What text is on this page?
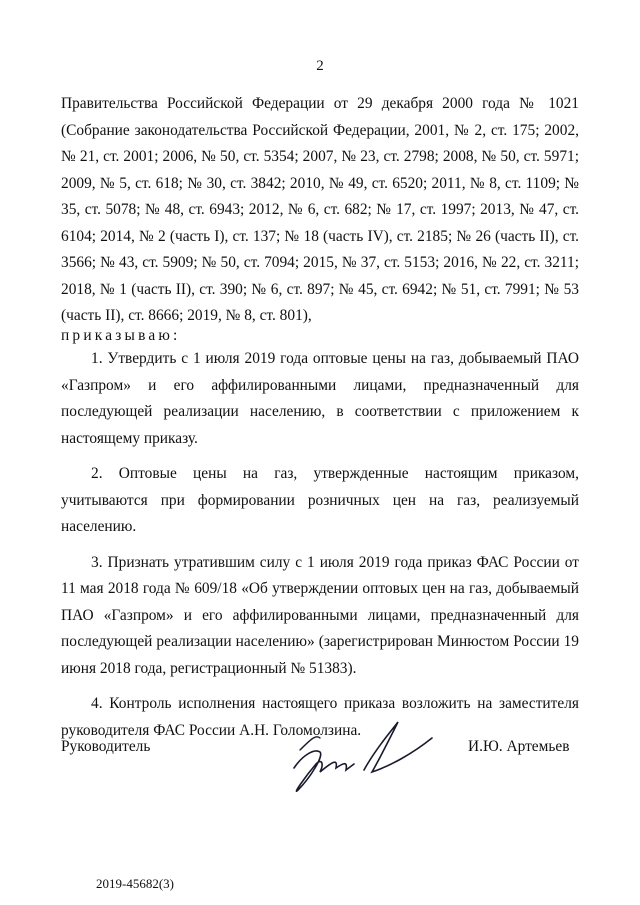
2
Правительства Российской Федерации от 29 декабря 2000 года № 1021 (Собрание законодательства Российской Федерации, 2001, № 2, ст. 175; 2002, № 21, ст. 2001; 2006, № 50, ст. 5354; 2007, № 23, ст. 2798; 2008, № 50, ст. 5971; 2009, № 5, ст. 618; № 30, ст. 3842; 2010, № 49, ст. 6520; 2011, № 8, ст. 1109; № 35, ст. 5078; № 48, ст. 6943; 2012, № 6, ст. 682; № 17, ст. 1997; 2013, № 47, ст. 6104; 2014, № 2 (часть I), ст. 137; № 18 (часть IV), ст. 2185; № 26 (часть II), ст. 3566; № 43, ст. 5909; № 50, ст. 7094; 2015, № 37, ст. 5153; 2016, № 22, ст. 3211; 2018, № 1 (часть II), ст. 390; № 6, ст. 897; № 45, ст. 6942; № 51, ст. 7991; № 53 (часть II), ст. 8666; 2019, № 8, ст. 801),
приказываю:

1. Утвердить с 1 июля 2019 года оптовые цены на газ, добываемый ПАО «Газпром» и его аффилированными лицами, предназначенный для последующей реализации населению, в соответствии с приложением к настоящему приказу.

2. Оптовые цены на газ, утвержденные настоящим приказом, учитываются при формировании розничных цен на газ, реализуемый населению.

3. Признать утратившим силу с 1 июля 2019 года приказ ФАС России от 11 мая 2018 года № 609/18 «Об утверждении оптовых цен на газ, добываемый ПАО «Газпром» и его аффилированными лицами, предназначенный для последующей реализации населению» (зарегистрирован Минюстом России 19 июня 2018 года, регистрационный № 51383).

4. Контроль исполнения настоящего приказа возложить на заместителя руководителя ФАС России А.Н. Голомолзина.

Руководитель	И.Ю. Артемьев
2019-45682(3)
